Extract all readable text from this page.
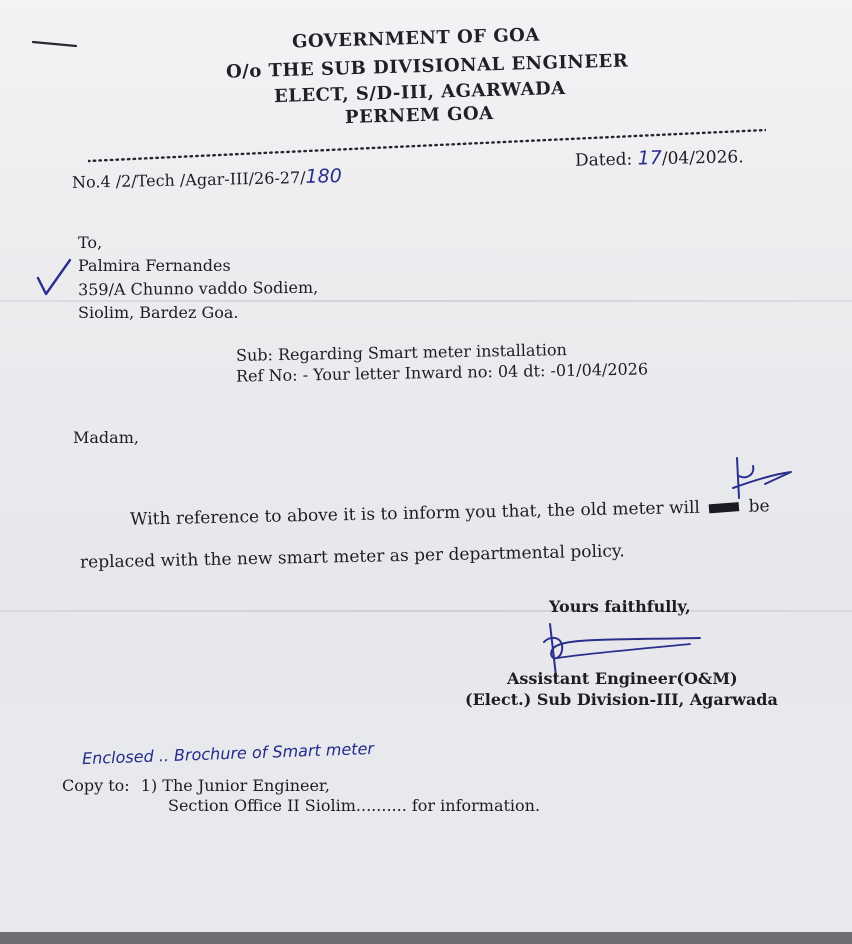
GOVERNMENT OF GOA
O/o THE SUB DIVISIONAL ENGINEER
ELECT, S/D-III, AGARWADA
PERNEM GOA
No.4 /2/Tech /Agar-III/26-27/180
Dated: 17/04/2026.
To,
Palmira Fernandes
359/A Chunno vaddo Sodiem,
Siolim, Bardez Goa.
Sub: Regarding Smart meter installation
Ref No: - Your letter Inward no: 04 dt: -01/04/2026
Madam,
With reference to above it is to inform you that, the old meter will	be
replaced with the new smart meter as per departmental policy.
Yours faithfully,
Assistant Engineer(O&M)
(Elect.) Sub Division-III, Agarwada
Enclosed .. Brochure of Smart meter
Copy to: 1) The Junior Engineer,
Section Office II Siolim.......... for information.
